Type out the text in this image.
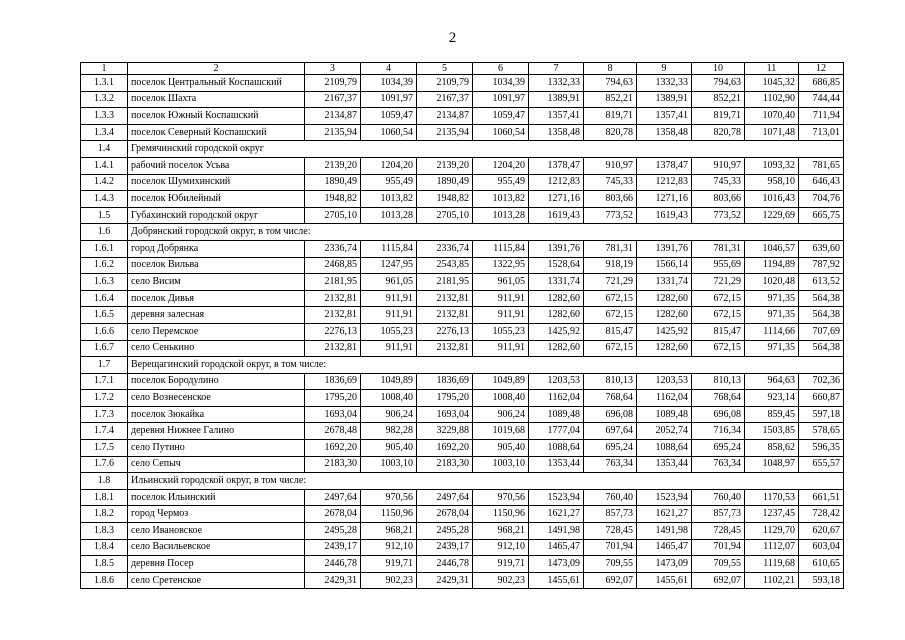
2
1	2	3	4	5	6	7	8	9	10	11	12
1.3.1	поселок Центральный Коспашский	2109,79	1034,39	2109,79	1034,39	1332,33	794,63	1332,33	794,63	1045,32	686,85
1.3.2	поселок Шахта	2167,37	1091,97	2167,37	1091,97	1389,91	852,21	1389,91	852,21	1102,90	744,44
1.3.3	поселок Южный Коспашский	2134,87	1059,47	2134,87	1059,47	1357,41	819,71	1357,41	819,71	1070,40	711,94
1.3.4	поселок Северный Коспашский	2135,94	1060,54	2135,94	1060,54	1358,48	820,78	1358,48	820,78	1071,48	713,01
1.4	Гремячинский городской округ										
1.4.1	рабочий поселок Усьва	2139,20	1204,20	2139,20	1204,20	1378,47	910,97	1378,47	910,97	1093,32	781,65
1.4.2	поселок Шумихинский	1890,49	955,49	1890,49	955,49	1212,83	745,33	1212,83	745,33	958,10	646,43
1.4.3	поселок Юбилейный	1948,82	1013,82	1948,82	1013,82	1271,16	803,66	1271,16	803,66	1016,43	704,76
1.5	Губахинский городской округ	2705,10	1013,28	2705,10	1013,28	1619,43	773,52	1619,43	773,52	1229,69	665,75
1.6	Добрянский городской округ, в том числе:										
1.6.1	город Добрянка	2336,74	1115,84	2336,74	1115,84	1391,76	781,31	1391,76	781,31	1046,57	639,60
1.6.2	поселок Вильва	2468,85	1247,95	2543,85	1322,95	1528,64	918,19	1566,14	955,69	1194,89	787,92
1.6.3	село Висим	2181,95	961,05	2181,95	961,05	1331,74	721,29	1331,74	721,29	1020,48	613,52
1.6.4	поселок Дивья	2132,81	911,91	2132,81	911,91	1282,60	672,15	1282,60	672,15	971,35	564,38
1.6.5	деревня залесная	2132,81	911,91	2132,81	911,91	1282,60	672,15	1282,60	672,15	971,35	564,38
1.6.6	село Перемское	2276,13	1055,23	2276,13	1055,23	1425,92	815,47	1425,92	815,47	1114,66	707,69
1.6.7	село Сенькино	2132,81	911,91	2132,81	911,91	1282,60	672,15	1282,60	672,15	971,35	564,38
1.7	Верещагинский городской округ, в том числе:										
1.7.1	поселок Бородулино	1836,69	1049,89	1836,69	1049,89	1203,53	810,13	1203,53	810,13	964,63	702,36
1.7.2	село Вознесенское	1795,20	1008,40	1795,20	1008,40	1162,04	768,64	1162,04	768,64	923,14	660,87
1.7.3	поселок Зюкайка	1693,04	906,24	1693,04	906,24	1089,48	696,08	1089,48	696,08	859,45	597,18
1.7.4	деревня Нижнее Галино	2678,48	982,28	3229,88	1019,68	1777,04	697,64	2052,74	716,34	1503,85	578,65
1.7.5	село Путино	1692,20	905,40	1692,20	905,40	1088,64	695,24	1088,64	695,24	858,62	596,35
1.7.6	село Сепыч	2183,30	1003,10	2183,30	1003,10	1353,44	763,34	1353,44	763,34	1048,97	655,57
1.8	Ильинский городской округ, в том числе:										
1.8.1	поселок Ильинский	2497,64	970,56	2497,64	970,56	1523,94	760,40	1523,94	760,40	1170,53	661,51
1.8.2	город Чермоз	2678,04	1150,96	2678,04	1150,96	1621,27	857,73	1621,27	857,73	1237,45	728,42
1.8.3	село Ивановское	2495,28	968,21	2495,28	968,21	1491,98	728,45	1491,98	728,45	1129,70	620,67
1.8.4	село Васильевское	2439,17	912,10	2439,17	912,10	1465,47	701,94	1465,47	701,94	1112,07	603,04
1.8.5	деревня Посер	2446,78	919,71	2446,78	919,71	1473,09	709,55	1473,09	709,55	1119,68	610,65
1.8.6	село Сретенское	2429,31	902,23	2429,31	902,23	1455,61	692,07	1455,61	692,07	1102,21	593,18
